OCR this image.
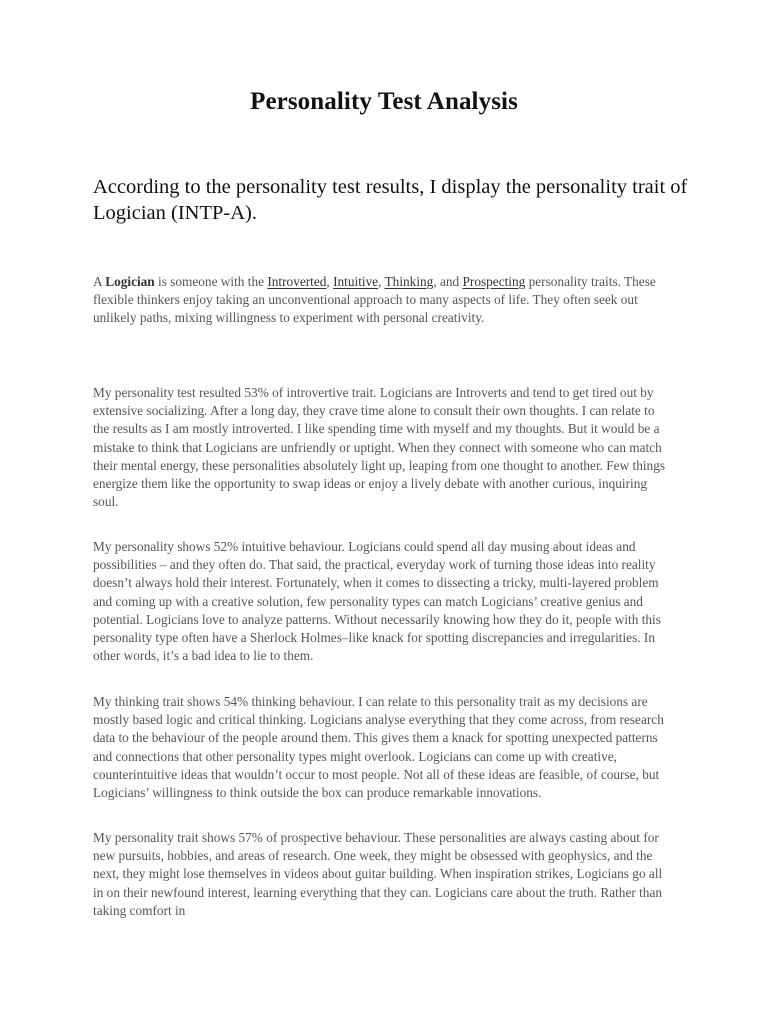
Personality Test Analysis

According to the personality test results, I display the personality trait of Logician (INTP-A).

A Logician is someone with the Introverted, Intuitive, Thinking, and Prospecting personality traits. These flexible thinkers enjoy taking an unconventional approach to many aspects of life. They often seek out unlikely paths, mixing willingness to experiment with personal creativity.

My personality test resulted 53% of introvertive trait. Logicians are Introverts and tend to get tired out by extensive socializing. After a long day, they crave time alone to consult their own thoughts. I can relate to the results as I am mostly introverted. I like spending time with myself and my thoughts. But it would be a mistake to think that Logicians are unfriendly or uptight. When they connect with someone who can match their mental energy, these personalities absolutely light up, leaping from one thought to another. Few things energize them like the opportunity to swap ideas or enjoy a lively debate with another curious, inquiring soul.

My personality shows 52% intuitive behaviour. Logicians could spend all day musing about ideas and possibilities – and they often do. That said, the practical, everyday work of turning those ideas into reality doesn’t always hold their interest. Fortunately, when it comes to dissecting a tricky, multi-layered problem and coming up with a creative solution, few personality types can match Logicians’ creative genius and potential. Logicians love to analyze patterns. Without necessarily knowing how they do it, people with this personality type often have a Sherlock Holmes–like knack for spotting discrepancies and irregularities. In other words, it’s a bad idea to lie to them.

My thinking trait shows 54% thinking behaviour. I can relate to this personality trait as my decisions are mostly based logic and critical thinking. Logicians analyse everything that they come across, from research data to the behaviour of the people around them. This gives them a knack for spotting unexpected patterns and connections that other personality types might overlook. Logicians can come up with creative, counterintuitive ideas that wouldn’t occur to most people. Not all of these ideas are feasible, of course, but Logicians’ willingness to think outside the box can produce remarkable innovations.

My personality trait shows 57% of prospective behaviour. These personalities are always casting about for new pursuits, hobbies, and areas of research. One week, they might be obsessed with geophysics, and the next, they might lose themselves in videos about guitar building. When inspiration strikes, Logicians go all in on their newfound interest, learning everything that they can. Logicians care about the truth. Rather than taking comfort in
